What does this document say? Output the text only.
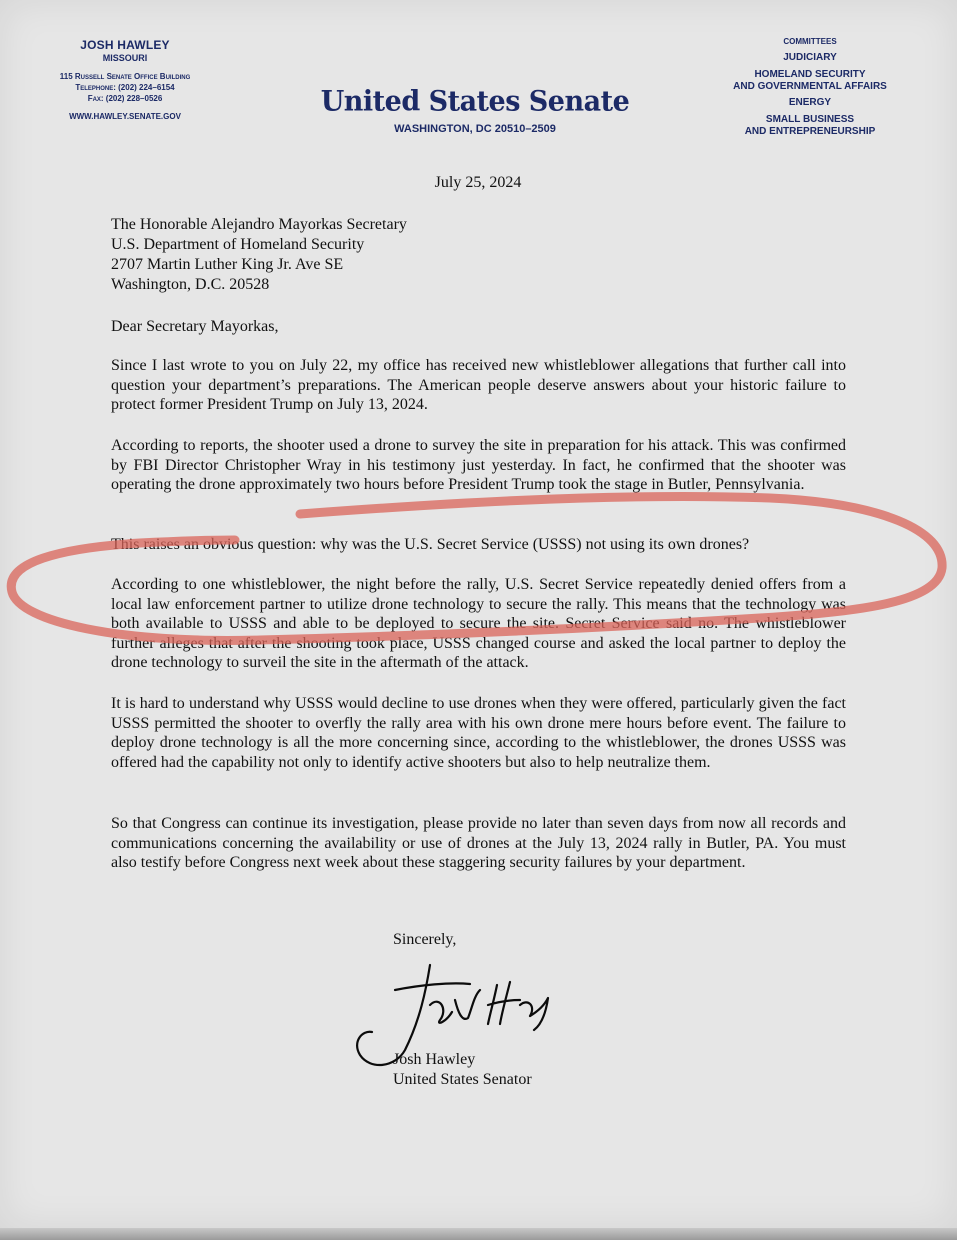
JOSH HAWLEY
MISSOURI
115 Russell Senate Office Building
Telephone: (202) 224–6154
Fax: (202) 228–0526
WWW.HAWLEY.SENATE.GOV	United States Senate
WASHINGTON, DC 20510–2509
COMMITTEES
JUDICIARY
HOMELAND SECURITY
AND GOVERNMENTAL AFFAIRS
ENERGY
SMALL BUSINESS
AND ENTREPRENEURSHIP
July 25, 2024
The Honorable Alejandro Mayorkas Secretary
U.S. Department of Homeland Security
2707 Martin Luther King Jr. Ave SE
Washington, D.C. 20528
Dear Secretary Mayorkas,
Since I last wrote to you on July 22, my office has received new whistleblower allegations that further call into question your department’s preparations. The American people deserve answers about your historic failure to protect former President Trump on July 13, 2024.
According to reports, the shooter used a drone to survey the site in preparation for his attack. This was confirmed by FBI Director Christopher Wray in his testimony just yesterday. In fact, he confirmed that the shooter was operating the drone approximately two hours before President Trump took the stage in Butler, Pennsylvania.
This raises an obvious question: why was the U.S. Secret Service (USSS) not using its own drones?
According to one whistleblower, the night before the rally, U.S. Secret Service repeatedly denied offers from a local law enforcement partner to utilize drone technology to secure the rally. This means that the technology was both available to USSS and able to be deployed to secure the site. Secret Service said no. The whistleblower further alleges that after the shooting took place, USSS changed course and asked the local partner to deploy the drone technology to surveil the site in the aftermath of the attack.
It is hard to understand why USSS would decline to use drones when they were offered, particularly given the fact USSS permitted the shooter to overfly the rally area with his own drone mere hours before event. The failure to deploy drone technology is all the more concerning since, according to the whistleblower, the drones USSS was offered had the capability not only to identify active shooters but also to help neutralize them.
So that Congress can continue its investigation, please provide no later than seven days from now all records and communications concerning the availability or use of drones at the July 13, 2024 rally in Butler, PA. You must also testify before Congress next week about these staggering security failures by your department.
Sincerely,
Josh Hawley
United States Senator
